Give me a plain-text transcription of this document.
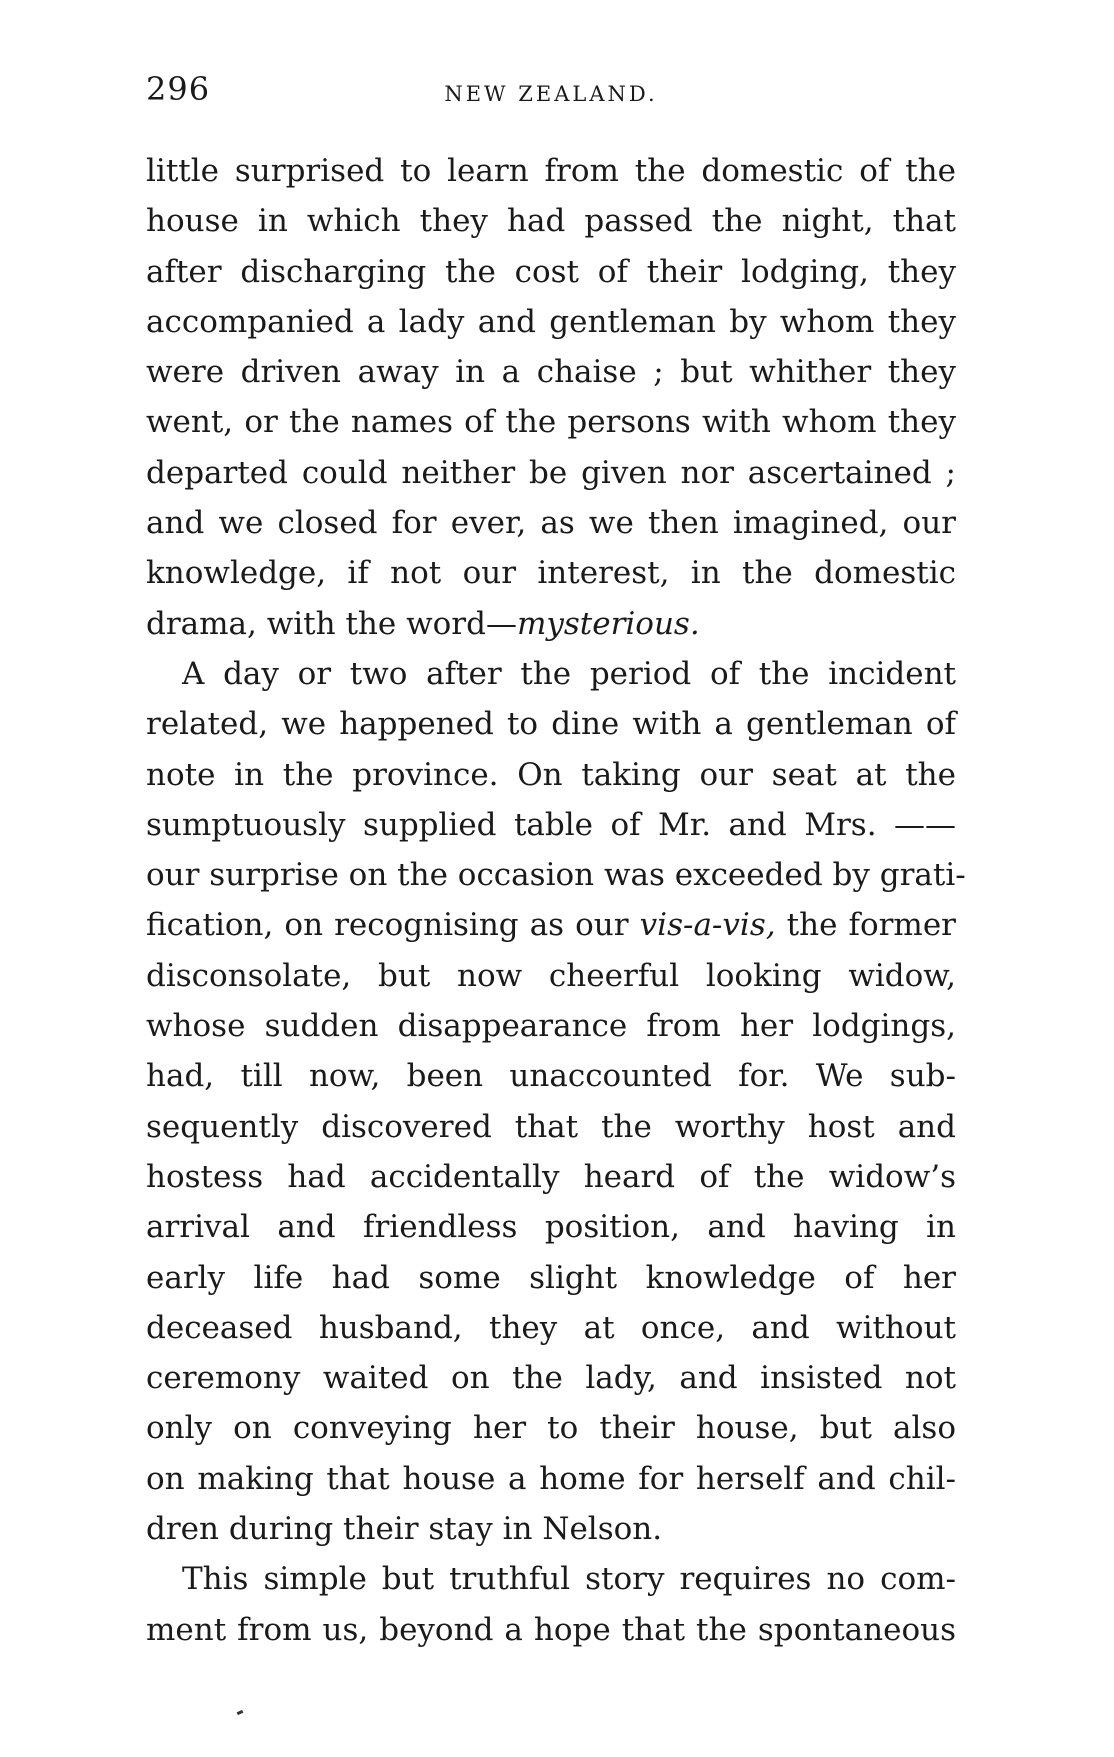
296	NEW ZEALAND.
little surprised to learn from the domestic of the
house in which they had passed the night, that
after discharging the cost of their lodging, they
accompanied a lady and gentleman by whom they
were driven away in a chaise ; but whither they
went, or the names of the persons with whom they
departed could neither be given nor ascertained ;
and we closed for ever, as we then imagined, our
knowledge, if not our interest, in the domestic
drama, with the word—mysterious.
A day or two after the period of the incident
related, we happened to dine with a gentleman of
note in the province. On taking our seat at the
sumptuously supplied table of Mr. and Mrs. ——
our surprise on the occasion was exceeded by grati-
fication, on recognising as our vis-a-vis, the former
disconsolate, but now cheerful looking widow,
whose sudden disappearance from her lodgings,
had, till now, been unaccounted for. We sub-
sequently discovered that the worthy host and
hostess had accidentally heard of the widow’s
arrival and friendless position, and having in
early life had some slight knowledge of her
deceased husband, they at once, and without
ceremony waited on the lady, and insisted not
only on conveying her to their house, but also
on making that house a home for herself and chil-
dren during their stay in Nelson.
This simple but truthful story requires no com-
ment from us, beyond a hope that the spontaneous
